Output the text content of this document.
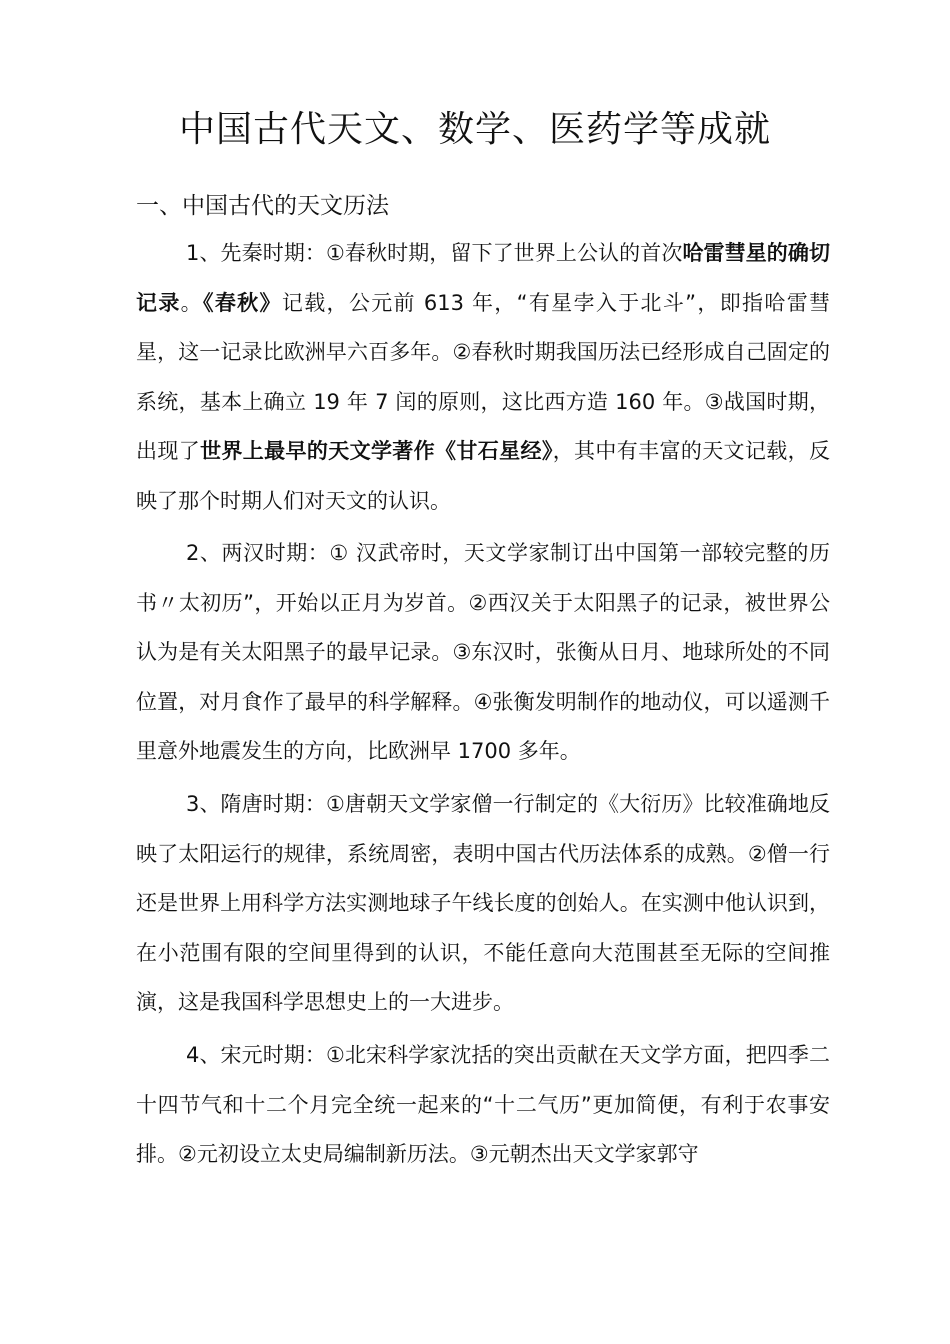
中国古代天文、数学、医药学等成就
一、中国古代的天文历法

1、先秦时期：①春秋时期，留下了世界上公认的首次哈雷彗星的确切记录。《春秋》记载，公元前 613 年，“有星孛入于北斗”，即指哈雷彗星，这一记录比欧洲早六百多年。②春秋时期我国历法已经形成自己固定的系统，基本上确立 19 年 7 闰的原则，这比西方造 160 年。③战国时期，出现了世界上最早的天文学著作《甘石星经》，其中有丰富的天文记载，反映了那个时期人们对天文的认识。

2、两汉时期：① 汉武帝时，天文学家制订出中国第一部较完整的历书〃太初历”，开始以正月为岁首。②西汉关于太阳黑子的记录，被世界公认为是有关太阳黑子的最早记录。③东汉时，张衡从日月、地球所处的不同位置，对月食作了最早的科学解释。④张衡发明制作的地动仪，可以遥测千里意外地震发生的方向，比欧洲早 1700 多年。

3、隋唐时期：①唐朝天文学家僧一行制定的《大衍历》比较准确地反映了太阳运行的规律，系统周密，表明中国古代历法体系的成熟。②僧一行还是世界上用科学方法实测地球子午线长度的创始人。在实测中他认识到，在小范围有限的空间里得到的认识，不能任意向大范围甚至无际的空间推演，这是我国科学思想史上的一大进步。

4、宋元时期：①北宋科学家沈括的突出贡献在天文学方面，把四季二十四节气和十二个月完全统一起来的“十二气历”更加简便，有利于农事安排。②元初设立太史局编制新历法。③元朝杰出天文学家郭守
